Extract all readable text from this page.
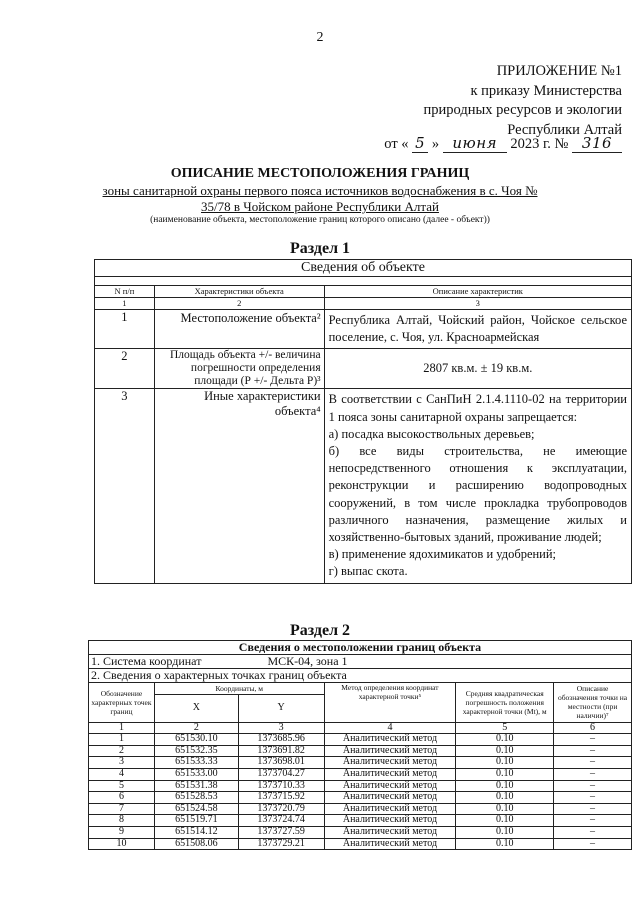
2
ПРИЛОЖЕНИЕ №1
к приказу Министерства
природных ресурсов и экологии
Республики Алтай
от « 5 » июня 2023 г. № 316
ОПИСАНИЕ МЕСТОПОЛОЖЕНИЯ ГРАНИЦ
зоны санитарной охраны первого пояса источников водоснабжения в с. Чоя № 35/78 в Чойском районе Республики Алтай
(наименование объекта, местоположение границ которого описано (далее - объект))
Раздел 1
Сведения об объекте		

N п/п	Характеристики объекта	Описание характеристик
1	2	3
1	Местоположение объекта²	Республика Алтай, Чойский район, Чойское сельское поселение, с. Чоя, ул. Красноармейская
2	Площадь объекта +/- величина погрешности определения площади (Р +/- Дельта Р)³	2807 кв.м. ± 19 кв.м.
3	Иные характеристики объекта⁴	В соответствии с СанПиН 2.1.4.1110-02 на территории 1 пояса зоны санитарной охраны запрещается:
а) посадка высокоствольных деревьев;
б) все виды строительства, не имеющие непосредственного отношения к эксплуатации, реконструкции и расширению водопроводных сооружений, в том числе прокладка трубопроводов различного назначения, размещение жилых и хозяйственно-бытовых зданий, проживание людей;
в) применение ядохимикатов и удобрений;
г) выпас скота.
Раздел 2
Сведения о местоположении границ объекта					
1. Система координат МСК-04, зона 1					
2. Сведения о характерных точках границ объекта					
Обозначение характерных точек границ	Координаты, м		Метод определения координат характерной точки⁵	Средняя квадратическая погрешность положения характерной точки (Mt), м	Описание обозначения точки на местности (при наличии)⁷
	X	Y			
1	2	3	4	5	6
1	651530.10	1373685.96	Аналитический метод	0.10	–
2	651532.35	1373691.82	Аналитический метод	0.10	–
3	651533.33	1373698.01	Аналитический метод	0.10	–
4	651533.00	1373704.27	Аналитический метод	0.10	–
5	651531.38	1373710.33	Аналитический метод	0.10	–
6	651528.53	1373715.92	Аналитический метод	0.10	–
7	651524.58	1373720.79	Аналитический метод	0.10	–
8	651519.71	1373724.74	Аналитический метод	0.10	–
9	651514.12	1373727.59	Аналитический метод	0.10	–
10	651508.06	1373729.21	Аналитический метод	0.10	–
